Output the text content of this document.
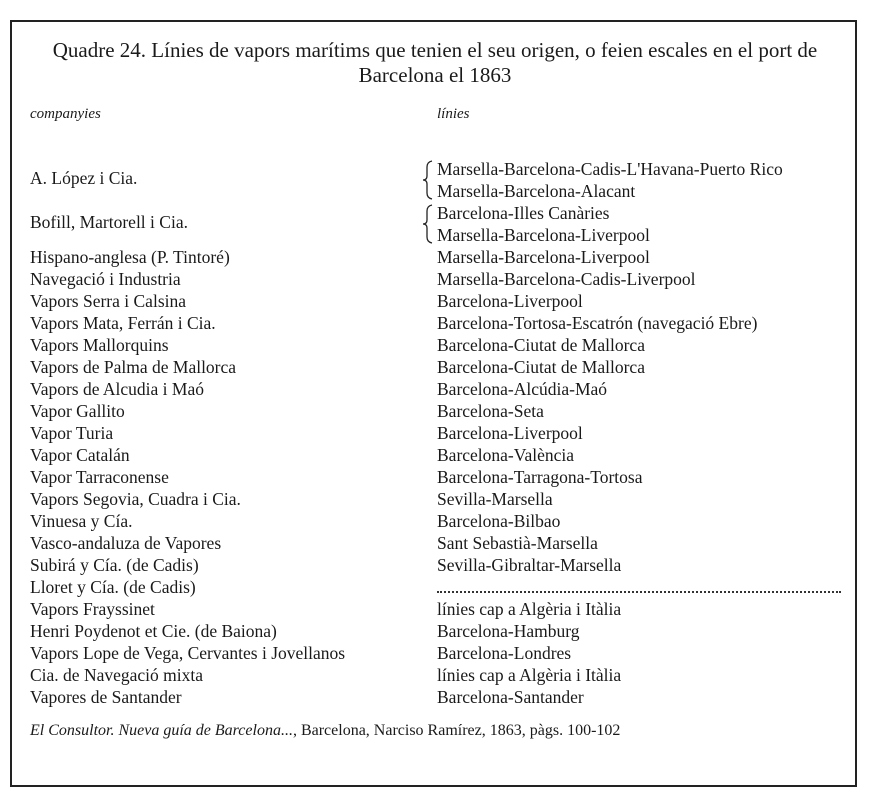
Quadre 24. Línies de vapors marítims que tenien el seu origen, o feien escales en el port de Barcelona el 1863
companyies	línies
A. López i Cia.	Marsella-Barcelona-Cadis-L'Havana-Puerto Rico
Marsella-Barcelona-Alacant
Bofill, Martorell i Cia.	Barcelona-Illes Canàries
Marsella-Barcelona-Liverpool
Hispano-anglesa (P. Tintoré)	Marsella-Barcelona-Liverpool
Navegació i Industria	Marsella-Barcelona-Cadis-Liverpool
Vapors Serra i Calsina	Barcelona-Liverpool
Vapors Mata, Ferrán i Cia.	Barcelona-Tortosa-Escatrón (navegació Ebre)
Vapors Mallorquins	Barcelona-Ciutat de Mallorca
Vapors de Palma de Mallorca	Barcelona-Ciutat de Mallorca
Vapors de Alcudia i Maó	Barcelona-Alcúdia-Maó
Vapor Gallito	Barcelona-Seta
Vapor Turia	Barcelona-Liverpool
Vapor Catalán	Barcelona-València
Vapor Tarraconense	Barcelona-Tarragona-Tortosa
Vapors Segovia, Cuadra i Cia.	Sevilla-Marsella
Vinuesa y Cía.	Barcelona-Bilbao
Vasco-andaluza de Vapores	Sant Sebastià-Marsella
Subirá y Cía. (de Cadis)	Sevilla-Gibraltar-Marsella
Lloret y Cía. (de Cadis)
Vapors Frayssinet	línies cap a Algèria i Itàlia
Henri Poydenot et Cie. (de Baiona)	Barcelona-Hamburg
Vapors Lope de Vega, Cervantes i Jovellanos	Barcelona-Londres
Cia. de Navegació mixta	línies cap a Algèria i Itàlia
Vapores de Santander	Barcelona-Santander
El Consultor. Nueva guía de Barcelona..., Barcelona, Narciso Ramírez, 1863, pàgs. 100-102
